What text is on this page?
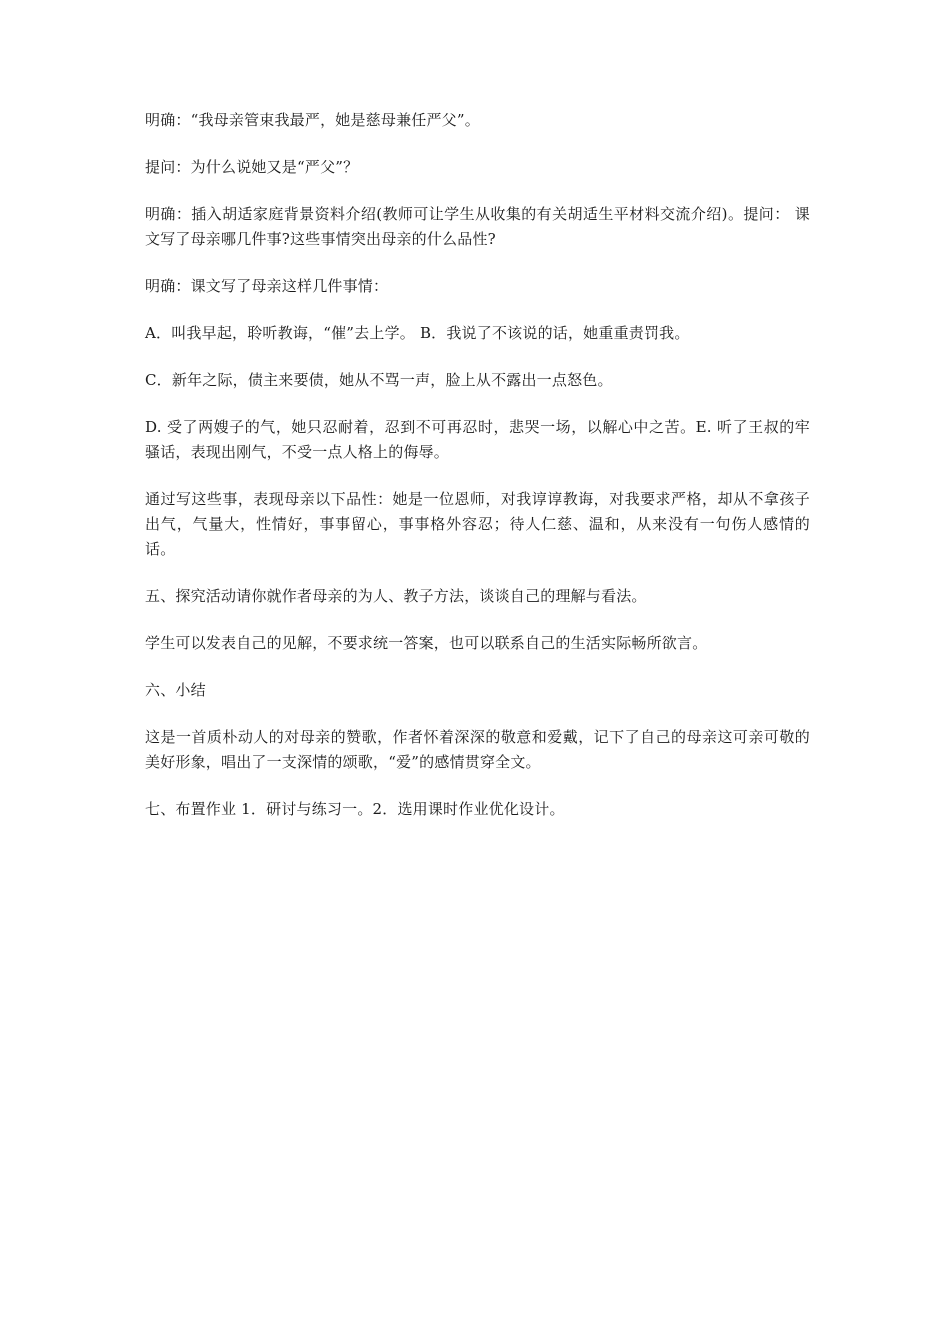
明确：“我母亲管束我最严，她是慈母兼任严父”。

提问：为什么说她又是“严父”？

明确：插入胡适家庭背景资料介绍(教师可让学生从收集的有关胡适生平材料交流介绍)。提问： 课文写了母亲哪几件事?这些事情突出母亲的什么品性?

明确：课文写了母亲这样几件事情：

A．叫我早起，聆听教诲，“催”去上学。 B．我说了不该说的话，她重重责罚我。

C．新年之际，债主来要债，她从不骂一声，脸上从不露出一点怒色。

D. 受了两嫂子的气，她只忍耐着，忍到不可再忍时，悲哭一场，以解心中之苦。E. 听了王叔的牢骚话，表现出刚气，不受一点人格上的侮辱。

通过写这些事，表现母亲以下品性：她是一位恩师，对我谆谆教诲，对我要求严格，却从不拿孩子出气，气量大，性情好，事事留心，事事格外容忍；待人仁慈、温和，从来没有一句伤人感情的话。

五、探究活动请你就作者母亲的为人、教子方法，谈谈自己的理解与看法。

学生可以发表自己的见解，不要求统一答案，也可以联系自己的生活实际畅所欲言。

六、小结

这是一首质朴动人的对母亲的赞歌，作者怀着深深的敬意和爱戴，记下了自己的母亲这可亲可敬的美好形象，唱出了一支深情的颂歌，“爱”的感情贯穿全文。

七、布置作业 1．研讨与练习一。2．选用课时作业优化设计。
